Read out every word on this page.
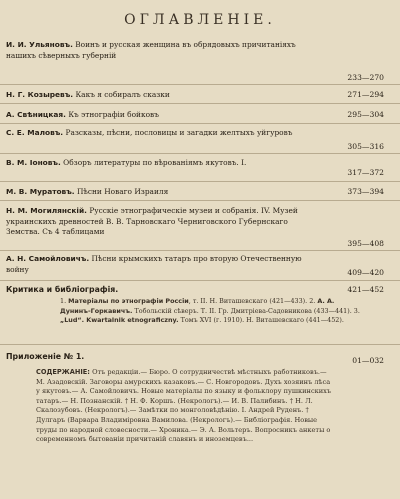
ОГЛАВЛЕНІЕ.
И. И. Ульяновъ. Воинъ и русская женщина въ обрядовыхъ причитаніяхъ нашихъ сѣверныхъ губерній
233—270
Н. Г. Козыревъ. Какъ я собиралъ сказки	271—294
А. Свѣницкая. Къ этнографіи бойковъ	295—304
С. Е. Маловъ. Разсказы, пѣсни, пословицы и загадки желтыхъ уйгуровъ
305—316
В. М. Іоновъ. Обзоръ литературы по вѣрованіямъ якутовъ. I.
317—372
М. В. Муратовъ. Пѣсни Новаго Израиля	373—394
Н. М. Могилянскій. Русскіе этнографическіе музеи и собранія. IV. Музей украинскихъ древностей В. В. Тарновскаго Черниговского Губернскаго Земства. Съ 4 таблицами
395—408
А. Н. Самойловичъ. Пѣсни крымскихъ татаръ про вторую Отечественную войну	409—420
Критика и библіографія.	421—452
1. Матеріалы по этнографіи Россіи, т. II. Н. Виташевскаго (421—433). 2. А. А. Дунинъ-Горкавичъ. Тобольскій сѣверъ. Т. II. Гр. Дмитріева-Садовникова (433—441). 3. „Lud“. Kwartalnik etnograficzny. Томъ XVI (г. 1910). Н. Виташевскаго (441—452).
Приложеніе № 1.	01—032
СОДЕРЖАНІЕ: Отъ редакціи.— Бюро. О сотрудничествѣ мѣстныхъ работниковъ.— М. Азадовскій. Заговоры амурскихъ казаковъ.— С. Новгородовъ. Духъ хозяинъ лѣса у якутовъ.— А. Самойловичъ. Новые матеріалы по языку и фольклору пушкинскихъ татаръ.— Н. Познанскій. † Н. Ф. Коршъ. (Некрологъ).— И. В. Палибинъ. † Н. Л. Скалозубовъ. (Некрологъ).— Замѣтки по монголовѣдѣнію. I. Андрей Руденъ. † Дулгаръ (Варвара Владиміровна Вамиловa. (Некрологъ).— Библіографія. Новые труды по народной словесности.— Хроника.— Э. А. Вольтеръ. Вопросникъ анкеты о современномъ бытованіи причитаній славянъ и иноземцевъ...
